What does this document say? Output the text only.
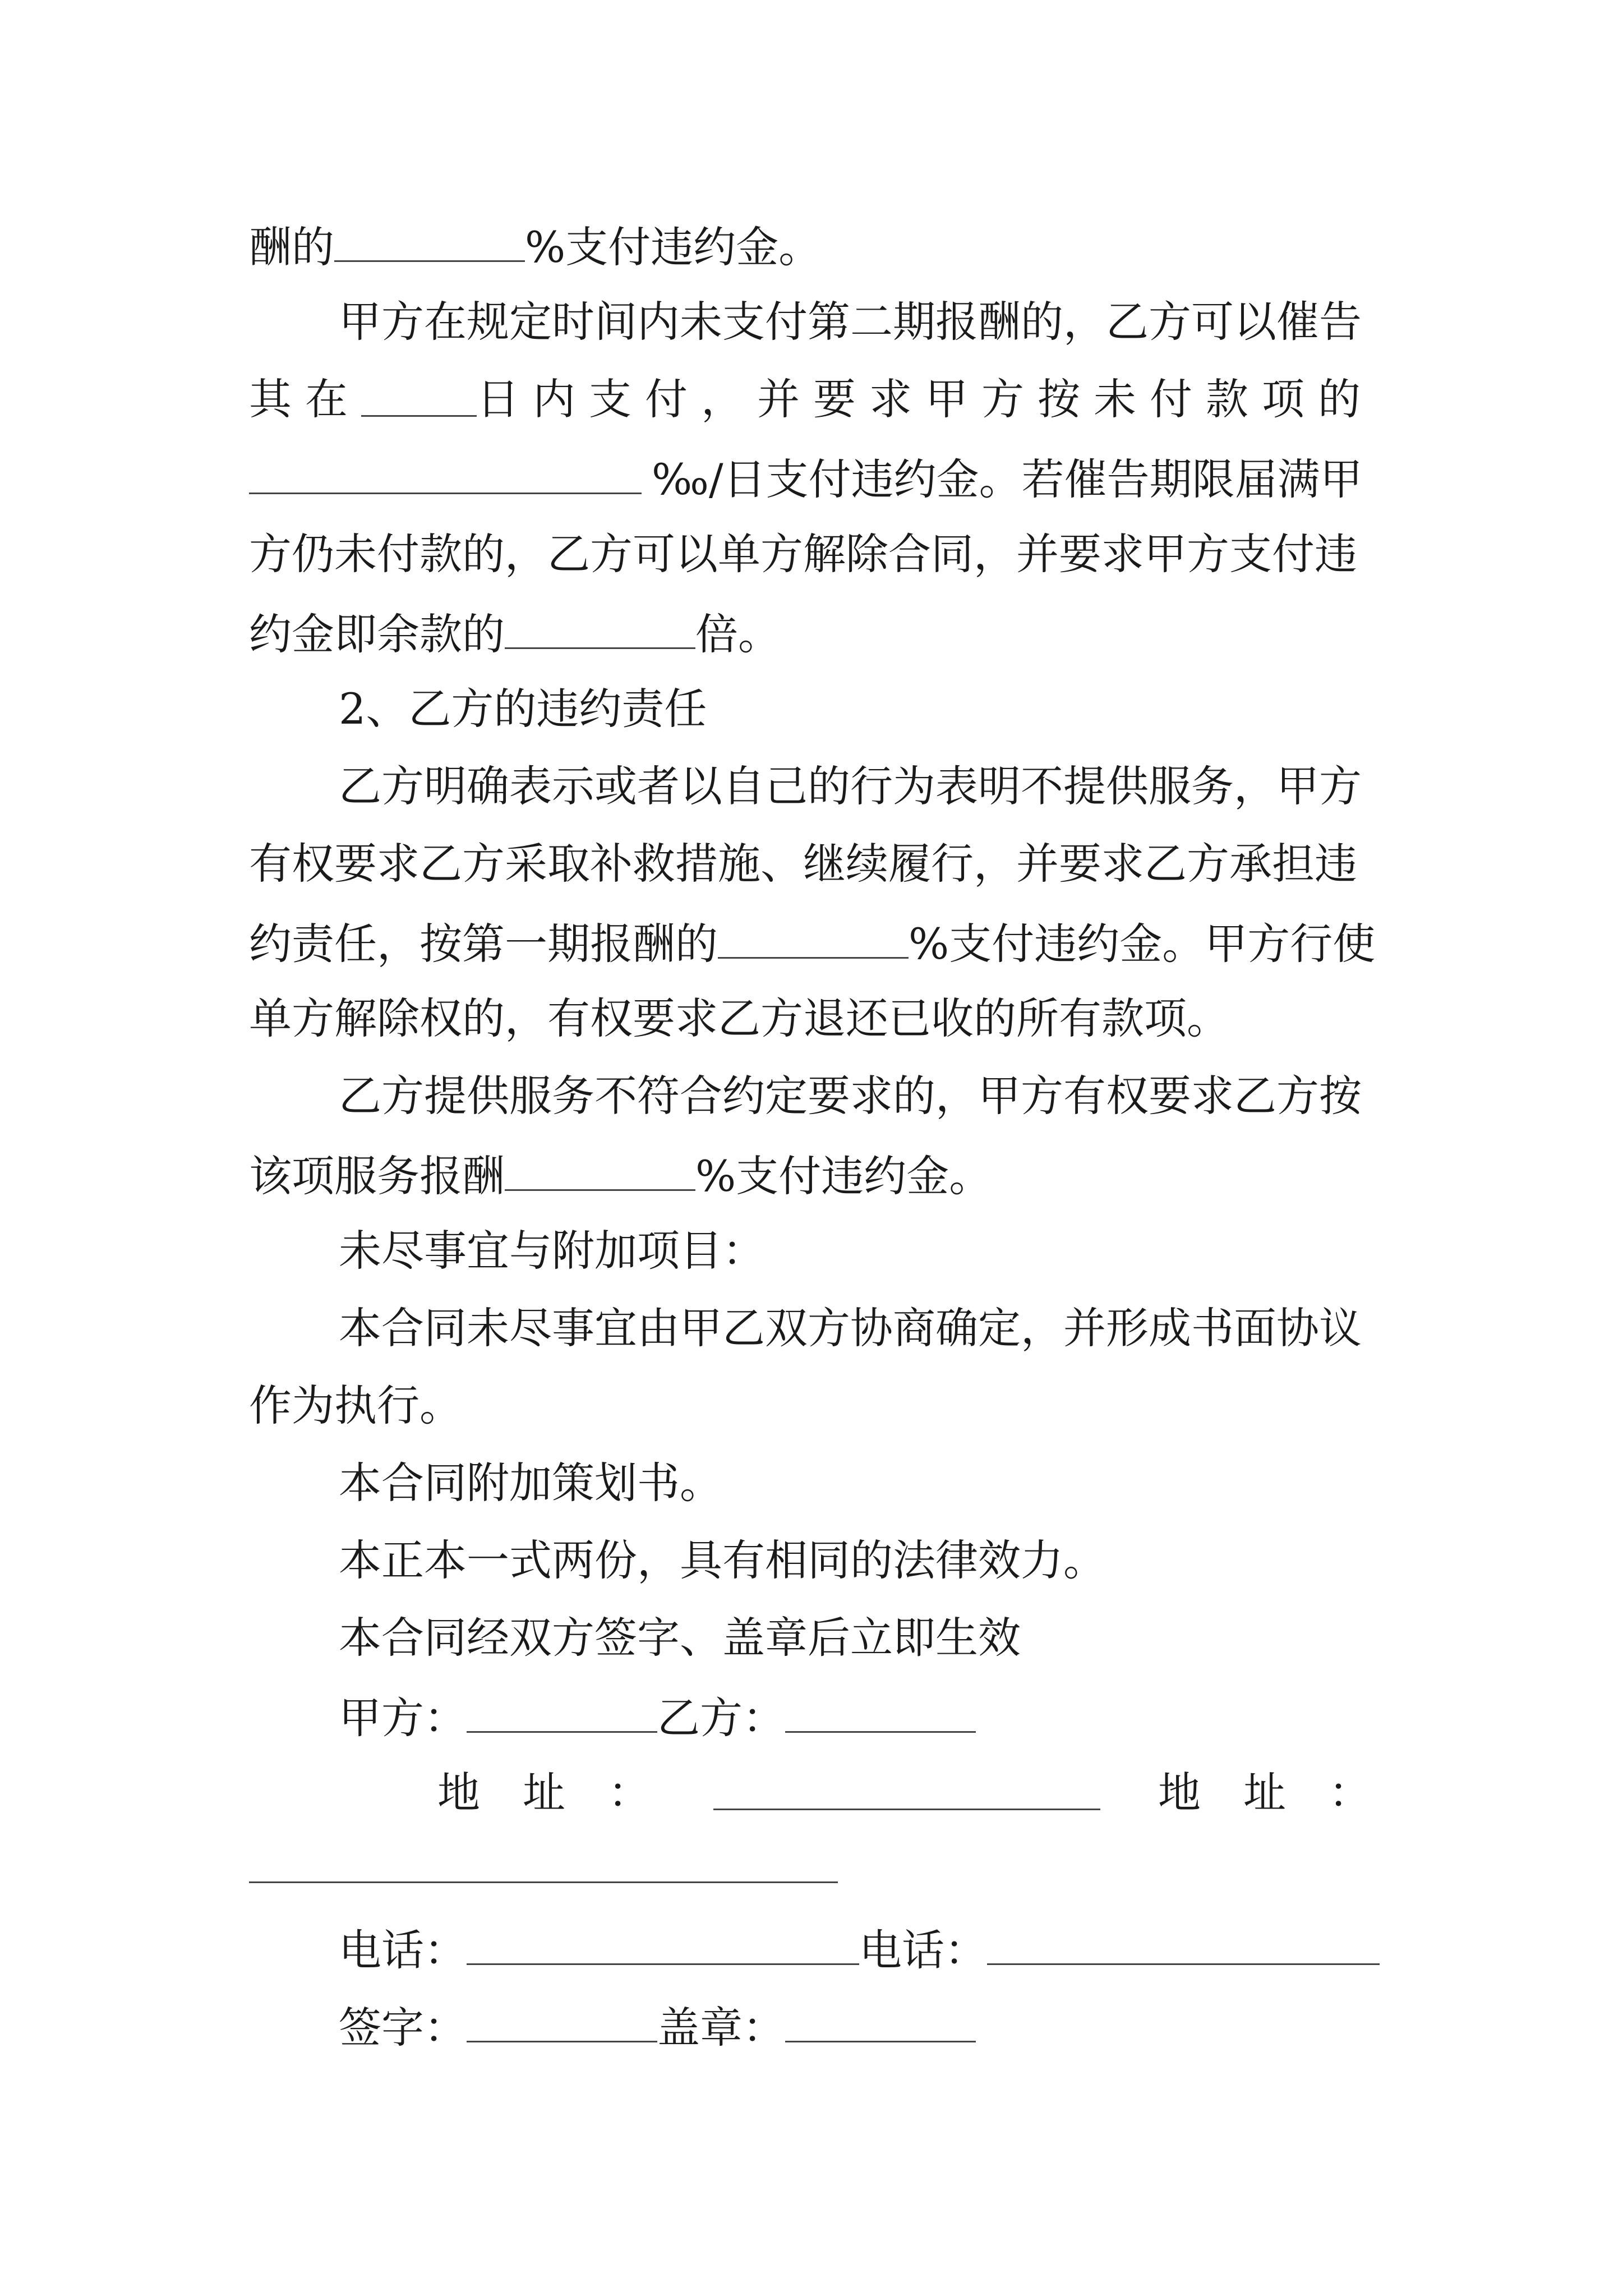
酬的	%支付违约金。
甲方在规定时间内未支付第二期报酬的，乙方可以催告
其在	日内支付，并要求甲方按未付款项的
‰/日支付违约金。若催告期限届满甲
方仍未付款的，乙方可以单方解除合同，并要求甲方支付违
约金即余款的	倍。
2、乙方的违约责任
乙方明确表示或者以自己的行为表明不提供服务，甲方
有权要求乙方采取补救措施、继续履行，并要求乙方承担违
约责任，按第一期报酬的	%支付违约金。甲方行使
单方解除权的，有权要求乙方退还已收的所有款项。
乙方提供服务不符合约定要求的，甲方有权要求乙方按
该项服务报酬	%支付违约金。
未尽事宜与附加项目：
本合同未尽事宜由甲乙双方协商确定，并形成书面协议
作为执行。
本合同附加策划书。
本正本一式两份，具有相同的法律效力。
本合同经双方签字、盖章后立即生效
甲方：	乙方：
地　址　：	地　址　：
电话：	电话：
签字：	盖章：
